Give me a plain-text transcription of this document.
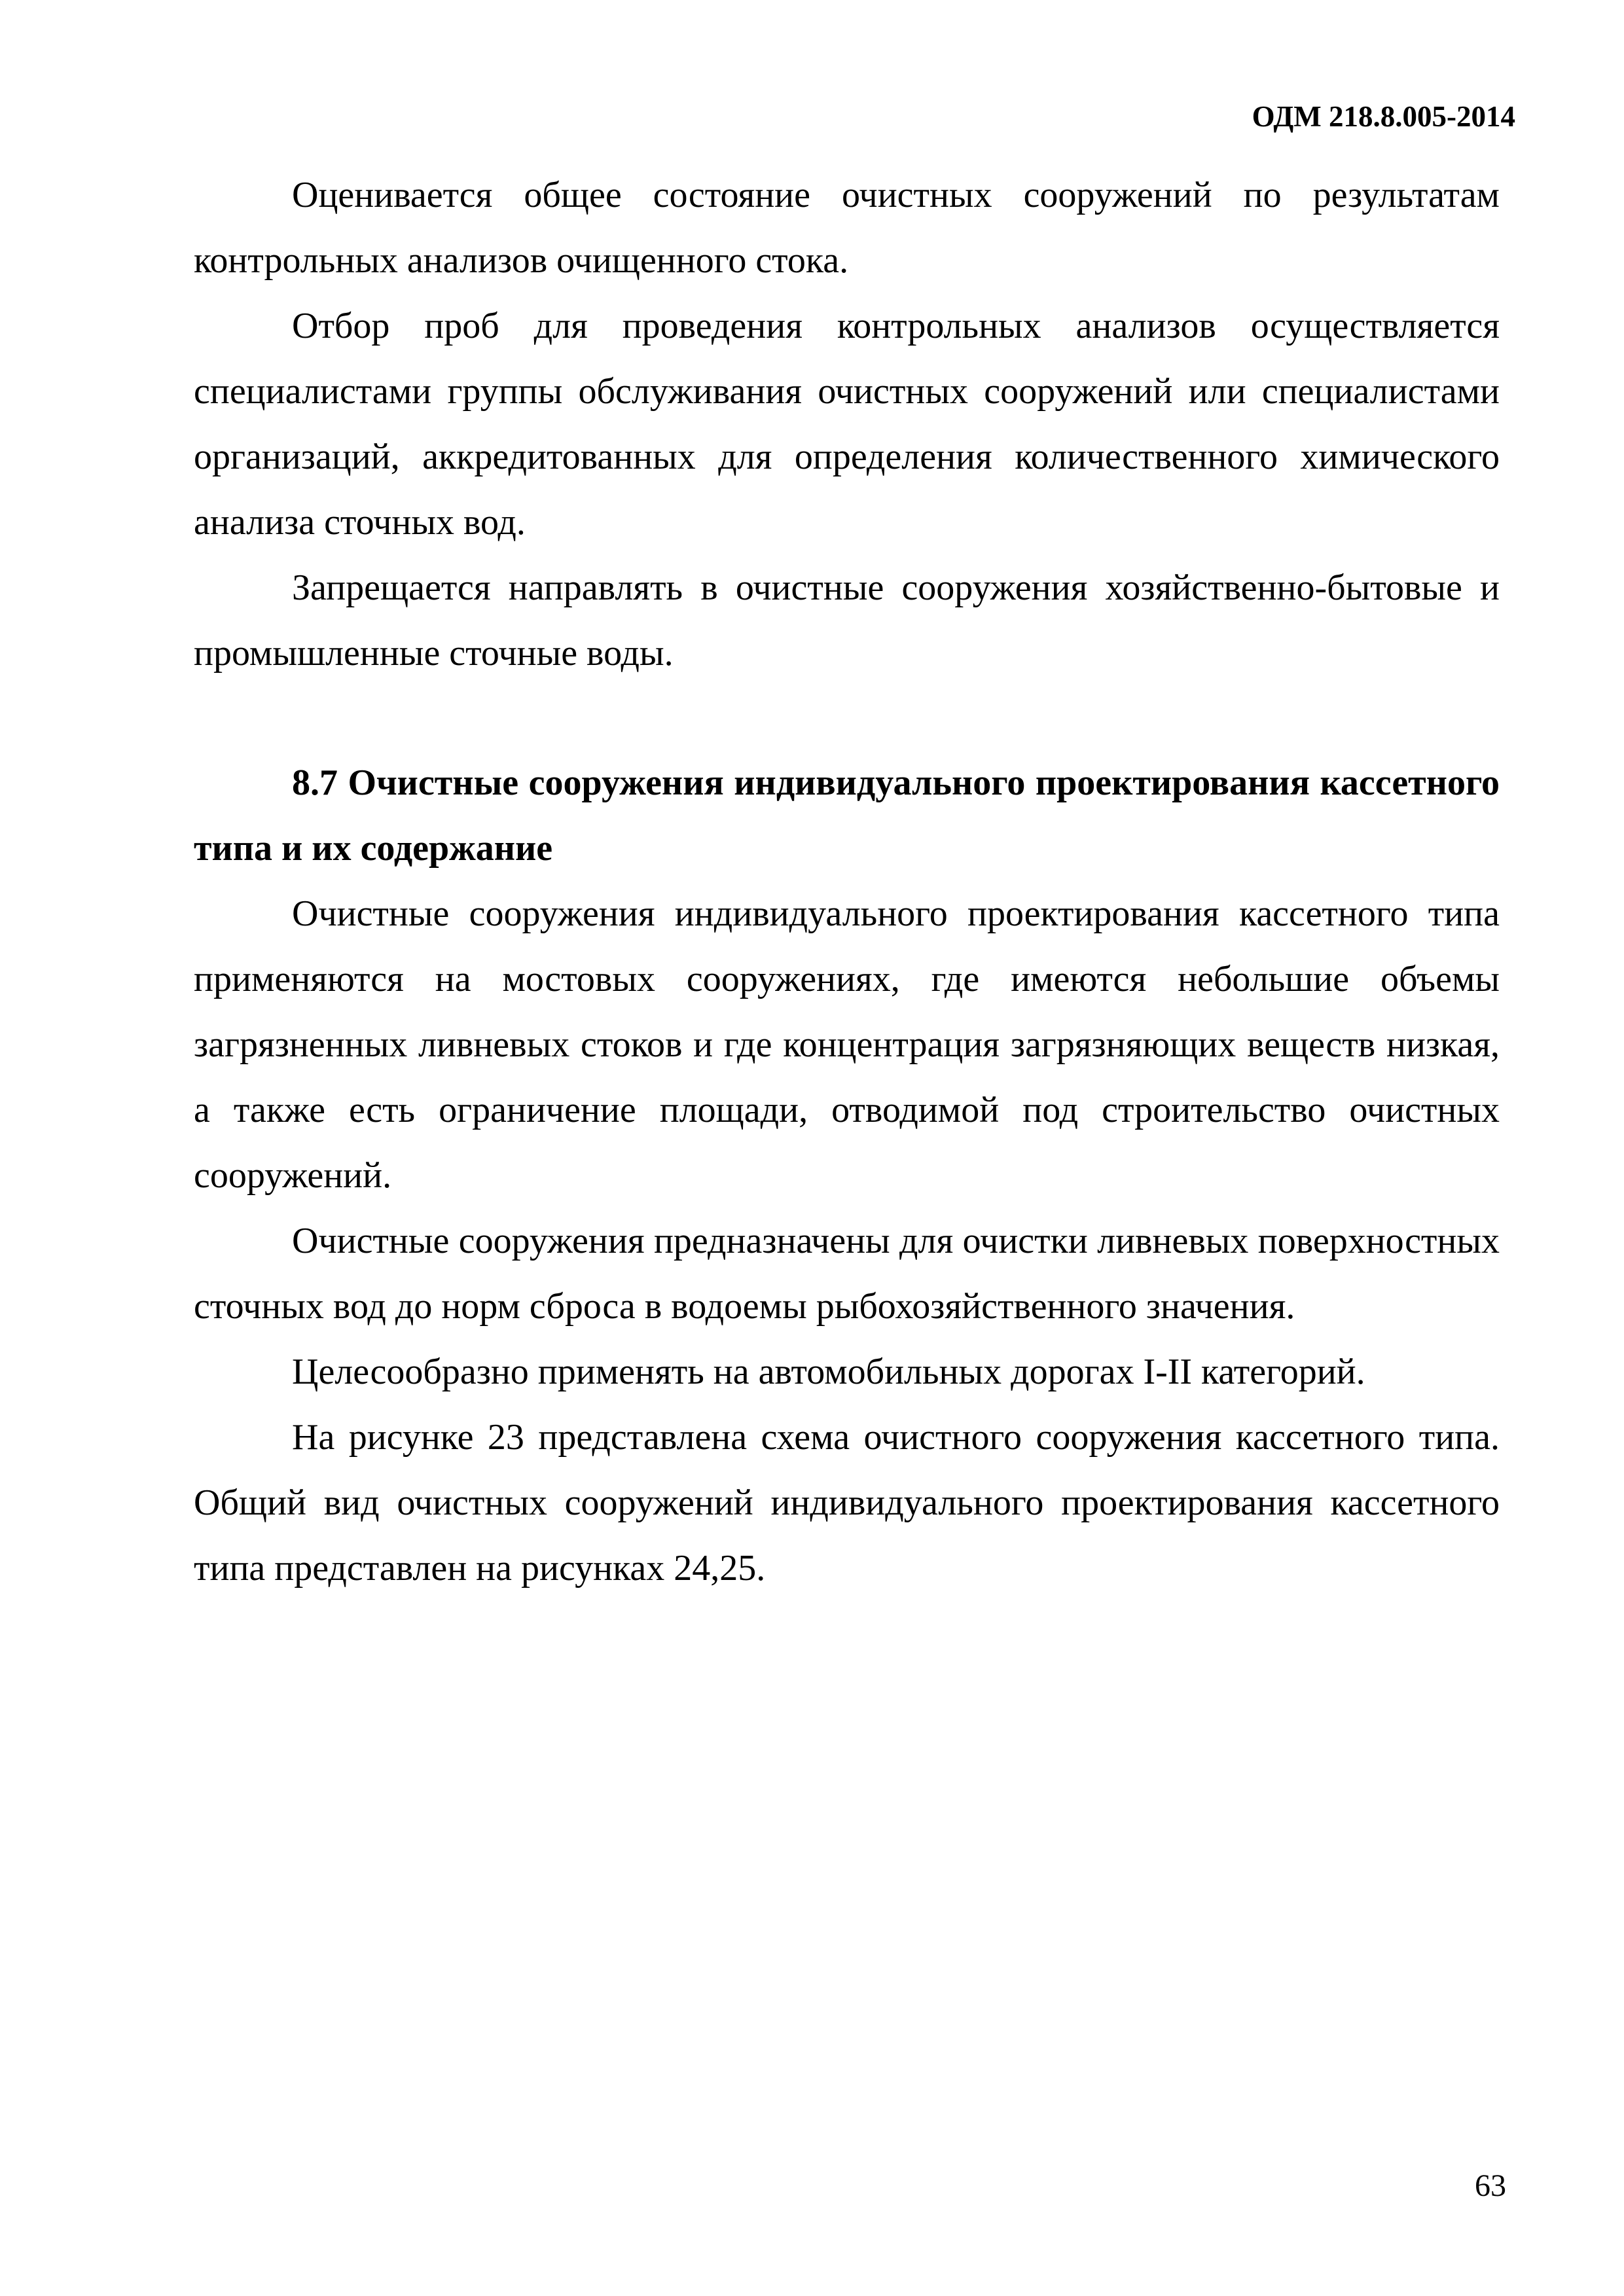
ОДМ 218.8.005-2014

Оценивается общее состояние очистных сооружений по результатам контрольных анализов очищенного стока.

Отбор проб для проведения контрольных анализов осуществляется специалистами группы обслуживания очистных сооружений или специалистами организаций, аккредитованных для определения количественного химического анализа сточных вод.

Запрещается направлять в очистные сооружения хозяйственно-бытовые и промышленные сточные воды.

8.7 Очистные сооружения индивидуального проектирования кассетного типа и их содержание

Очистные сооружения индивидуального проектирования кассетного типа применяются на мостовых сооружениях, где имеются небольшие объемы загрязненных ливневых стоков и где концентрация загрязняющих веществ низкая, а также есть ограничение площади, отводимой под строительство очистных сооружений.

Очистные сооружения предназначены для очистки ливневых поверхностных сточных вод до норм сброса в водоемы рыбохозяйственного значения.

Целесообразно применять на автомобильных дорогах I-II категорий.

На рисунке 23 представлена схема очистного сооружения кассетного типа. Общий вид очистных сооружений индивидуального проектирования кассетного типа представлен на рисунках 24,25.

63
